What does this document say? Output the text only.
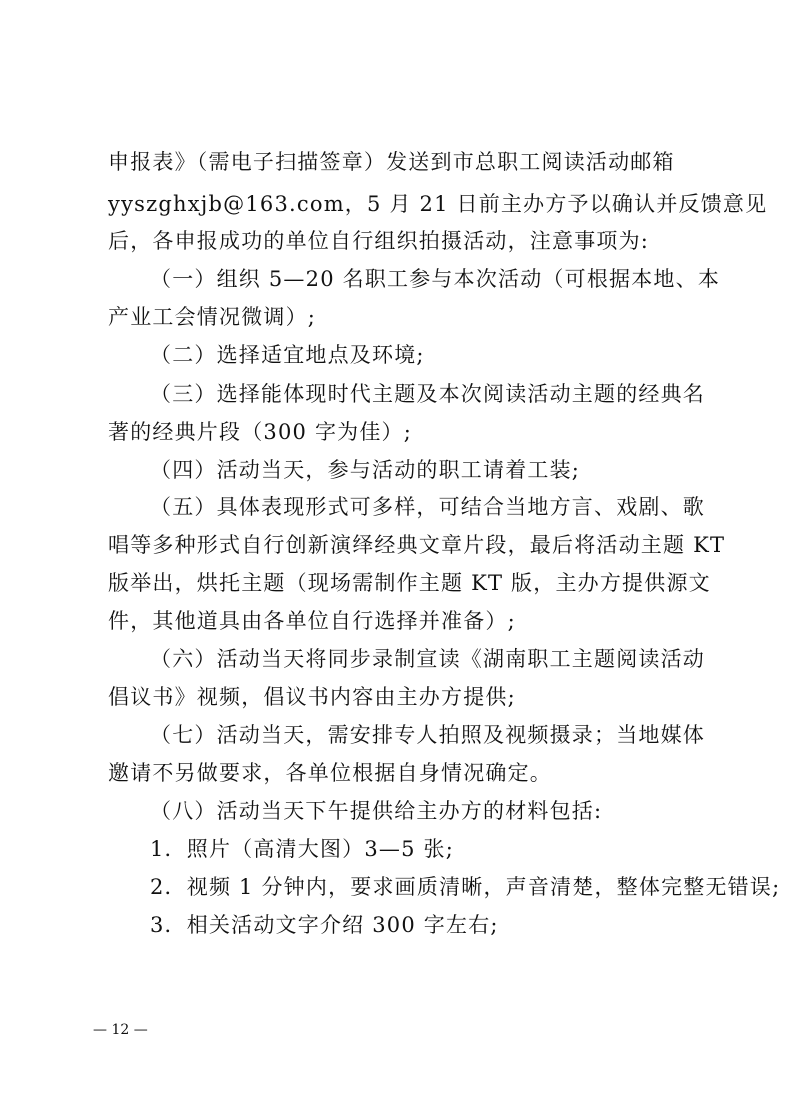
申报表》（需电子扫描签章）发送到市总职工阅读活动邮箱
yyszghxjb@163.com，5 月 21 日前主办方予以确认并反馈意见
后，各申报成功的单位自行组织拍摄活动，注意事项为:
（一）组织 5—20 名职工参与本次活动（可根据本地、本
产业工会情况微调）;
（二）选择适宜地点及环境;
（三）选择能体现时代主题及本次阅读活动主题的经典名
著的经典片段（300 字为佳）;
（四）活动当天，参与活动的职工请着工装;
（五）具体表现形式可多样，可结合当地方言、戏剧、歌
唱等多种形式自行创新演绎经典文章片段，最后将活动主题 KT
版举出，烘托主题（现场需制作主题 KT 版，主办方提供源文
件，其他道具由各单位自行选择并准备）;
（六）活动当天将同步录制宣读《湖南职工主题阅读活动
倡议书》视频，倡议书内容由主办方提供;
（七）活动当天，需安排专人拍照及视频摄录；当地媒体
邀请不另做要求，各单位根据自身情况确定。
（八）活动当天下午提供给主办方的材料包括:
1．照片（高清大图）3—5 张;
2．视频 1 分钟内，要求画质清晰，声音清楚，整体完整无错误;
3．相关活动文字介绍 300 字左右;
— 12 —
